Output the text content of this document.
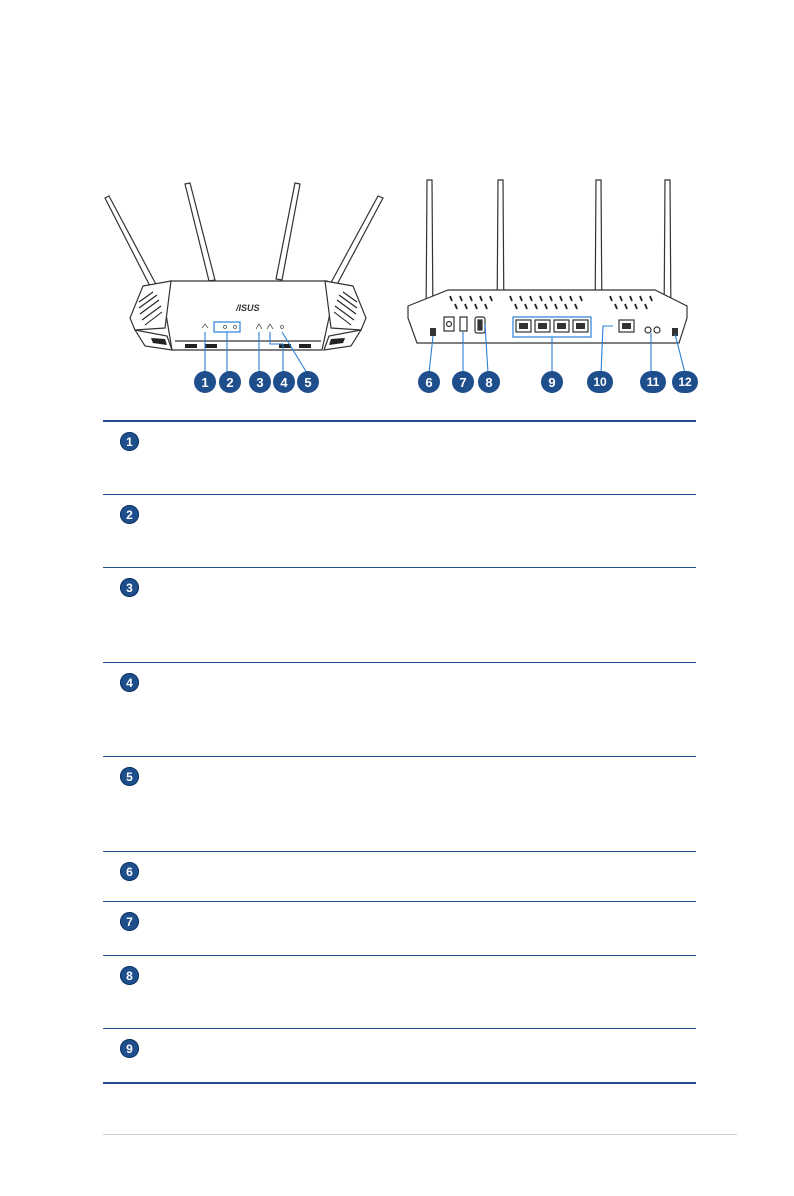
/ISUS
1	2	3	4	5	6	7	8	9	10	11	12
1
2
3
4
5
6
7
8
9
